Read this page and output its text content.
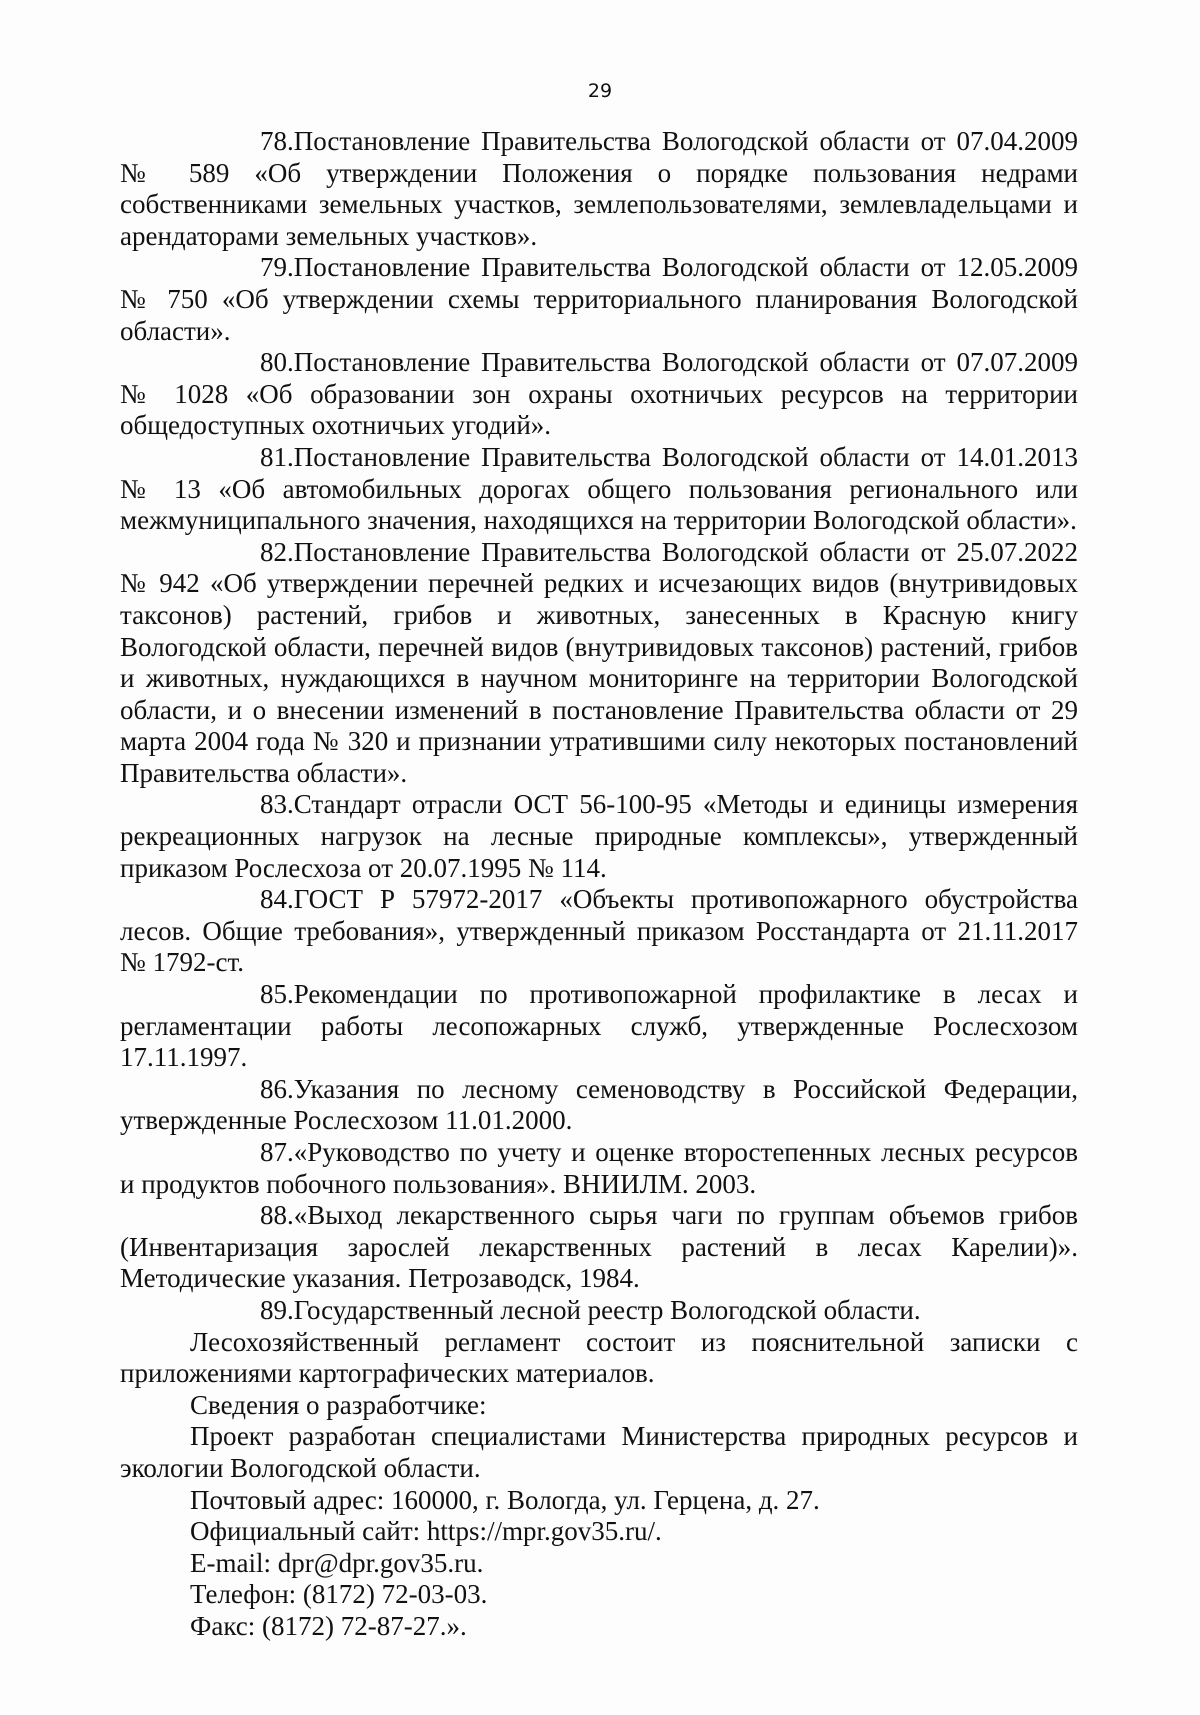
29

78.Постановление Правительства Вологодской области от 07.04.2009 № 589 «Об утверждении Положения о порядке пользования недрами собственниками земельных участков, землепользователями, землевладельцами и арендаторами земельных участков».

79.Постановление Правительства Вологодской области от 12.05.2009 № 750 «Об утверждении схемы территориального планирования Вологодской области».

80.Постановление Правительства Вологодской области от 07.07.2009 № 1028 «Об образовании зон охраны охотничьих ресурсов на территории общедоступных охотничьих угодий».

81.Постановление Правительства Вологодской области от 14.01.2013 № 13 «Об автомобильных дорогах общего пользования регионального или межмуниципального значения, находящихся на территории Вологодской области».

82.Постановление Правительства Вологодской области от 25.07.2022 № 942 «Об утверждении перечней редких и исчезающих видов (внутривидовых таксонов) растений, грибов и животных, занесенных в Красную книгу Вологодской области, перечней видов (внутривидовых таксонов) растений, грибов и животных, нуждающихся в научном мониторинге на территории Вологодской области, и о внесении изменений в постановление Правительства области от 29 марта 2004 года № 320 и признании утратившими силу некоторых постановлений Правительства области».

83.Стандарт отрасли ОСТ 56-100-95 «Методы и единицы измерения рекреационных нагрузок на лесные природные комплексы», утвержденный приказом Рослесхоза от 20.07.1995 № 114.

84.ГОСТ Р 57972-2017 «Объекты противопожарного обустройства лесов. Общие требования», утвержденный приказом Росстандарта от 21.11.2017 № 1792-ст.

85.Рекомендации по противопожарной профилактике в лесах и регламентации работы лесопожарных служб, утвержденные Рослесхозом 17.11.1997.

86.Указания по лесному семеноводству в Российской Федерации, утвержденные Рослесхозом 11.01.2000.

87.«Руководство по учету и оценке второстепенных лесных ресурсов и продуктов побочного пользования». ВНИИЛМ. 2003.

88.«Выход лекарственного сырья чаги по группам объемов грибов (Инвентаризация зарослей лекарственных растений в лесах Карелии)». Методические указания. Петрозаводск, 1984.

89.Государственный лесной реестр Вологодской области.

Лесохозяйственный регламент состоит из пояснительной записки с приложениями картографических материалов.

Сведения о разработчике:

Проект разработан специалистами Министерства природных ресурсов и экологии Вологодской области.

Почтовый адрес: 160000, г. Вологда, ул. Герцена, д. 27.

Официальный сайт: https://mpr.gov35.ru/.

E-mail: dpr@dpr.gov35.ru.

Телефон: (8172) 72-03-03.

Факс: (8172) 72-87-27.».
